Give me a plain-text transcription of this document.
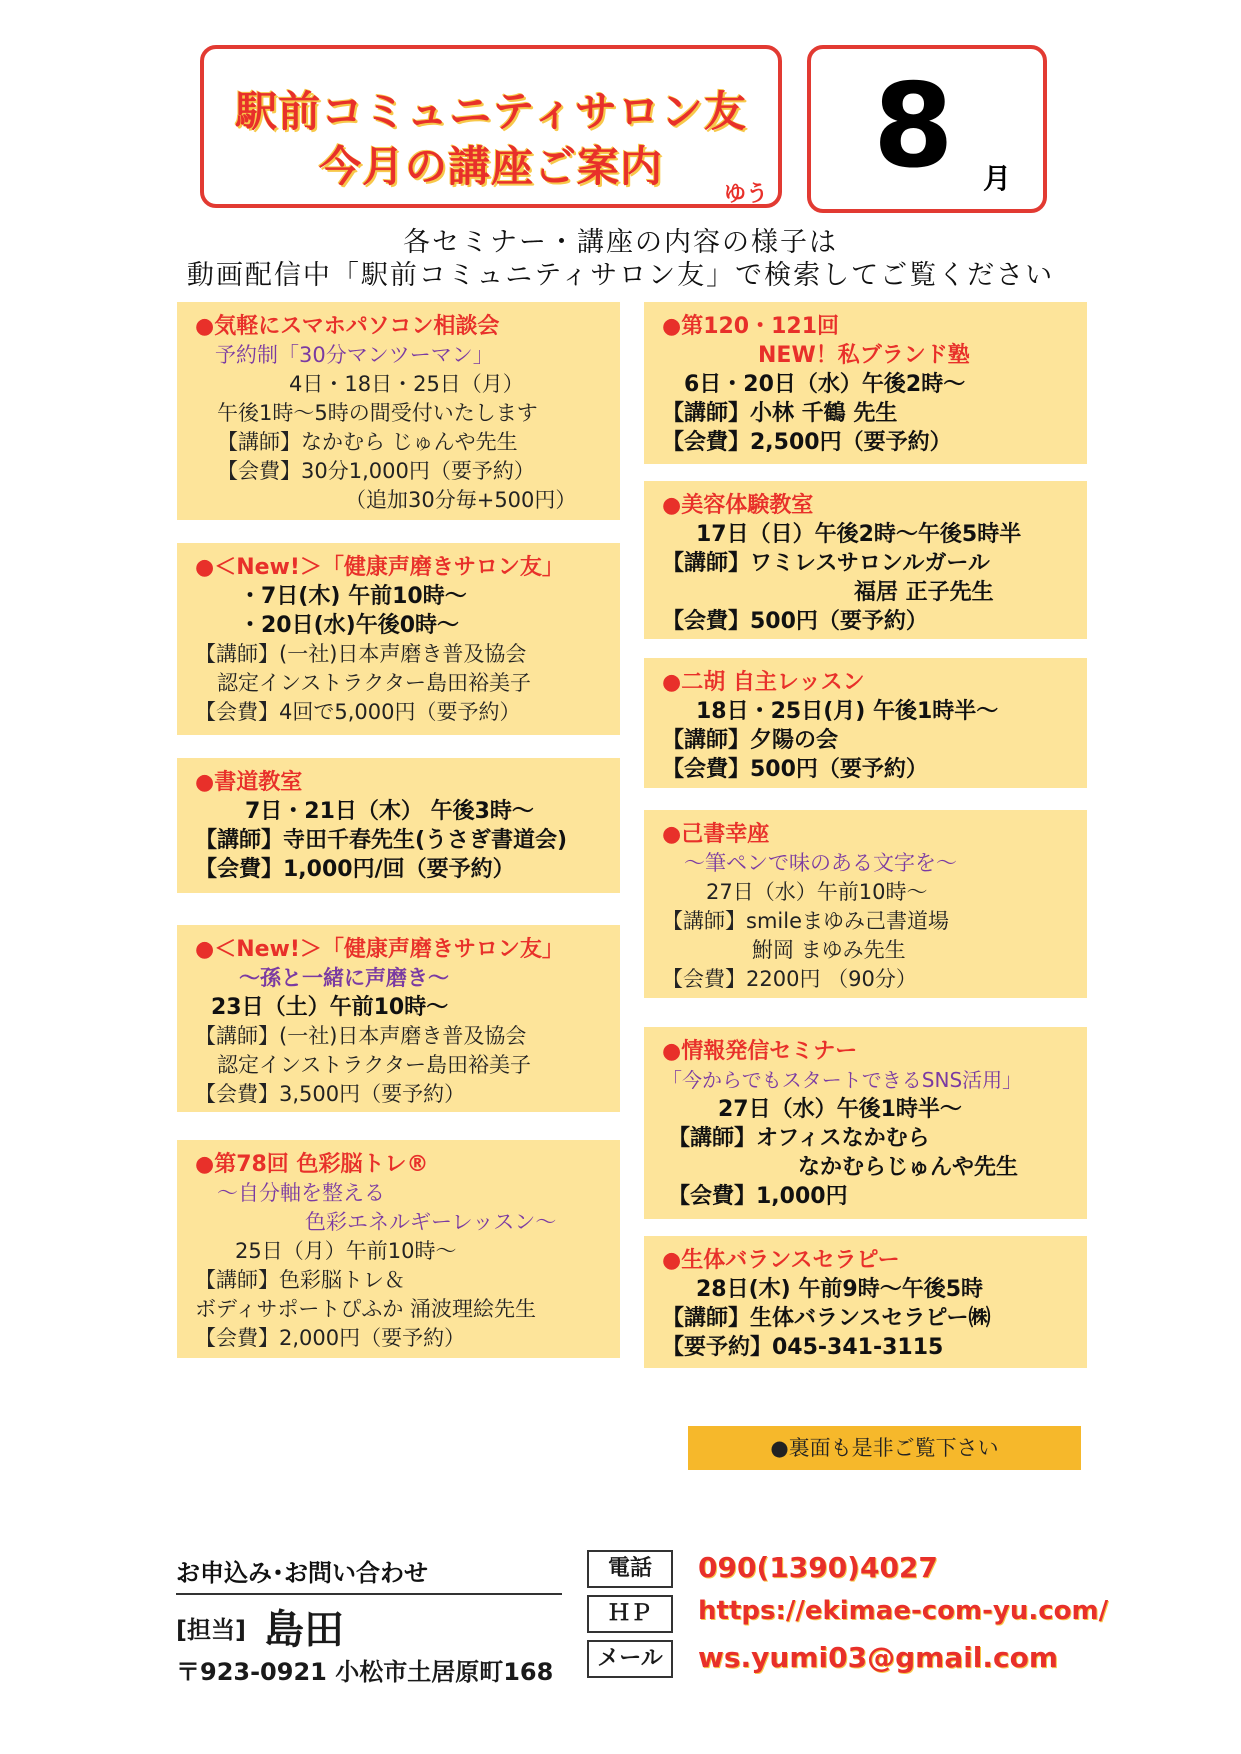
駅前コミュニティサロン友
今月の講座ご案内
ゆう
8 月
各セミナー・講座の内容の様子は
動画配信中「駅前コミュニティサロン友」で検索してご覧ください
●気軽にスマホパソコン相談会
予約制「30分マンツーマン」
4日・18日・25日（月）
午後1時～5時の間受付いたします
【講師】なかむら じゅんや先生
【会費】30分1,000円（要予約）
（追加30分毎+500円）
●＜New!＞「健康声磨きサロン友」
・7日(木) 午前10時～
・20日(水)午後0時～
【講師】(一社)日本声磨き普及協会
認定インストラクター島田裕美子
【会費】4回で5,000円（要予約）
●書道教室
7日・21日（木） 午後3時～
【講師】寺田千春先生(うさぎ書道会)
【会費】1,000円/回（要予約）
●＜New!＞「健康声磨きサロン友」
～孫と一緒に声磨き～
23日（土）午前10時～
【講師】(一社)日本声磨き普及協会
認定インストラクター島田裕美子
【会費】3,500円（要予約）
●第78回 色彩脳トレ®
～自分軸を整える
色彩エネルギーレッスン～
25日（月）午前10時～
【講師】色彩脳トレ＆
ボディサポートぴふか 涌波理絵先生
【会費】2,000円（要予約）
●第120・121回
NEW！私ブランド塾
6日・20日（水）午後2時～
【講師】小林 千鶴 先生
【会費】2,500円（要予約）
●美容体験教室
17日（日）午後2時～午後5時半
【講師】ワミレスサロンルガール
福居 正子先生
【会費】500円（要予約）
●二胡 自主レッスン
18日・25日(月) 午後1時半～
【講師】夕陽の会
【会費】500円（要予約）
●己書幸座
～筆ペンで味のある文字を～
27日（水）午前10時～
【講師】smileまゆみ己書道場
鮒岡 まゆみ先生
【会費】2200円 （90分）
●情報発信セミナー
「今からでもスタートできるSNS活用」
27日（水）午後1時半～
【講師】オフィスなかむら
なかむらじゅんや先生
【会費】1,000円
●生体バランスセラピー
28日(木) 午前9時～午後5時
【講師】生体バランスセラピー㈱
【要予約】045-341-3115
●裏面も是非ご覧下さい
お申込み･お問い合わせ
[担当] 島田
〒923-0921 小松市土居原町168
電話	090(1390)4027
ＨＰ	https://ekimae-com-yu.com/
メール	ws.yumi03@gmail.com
